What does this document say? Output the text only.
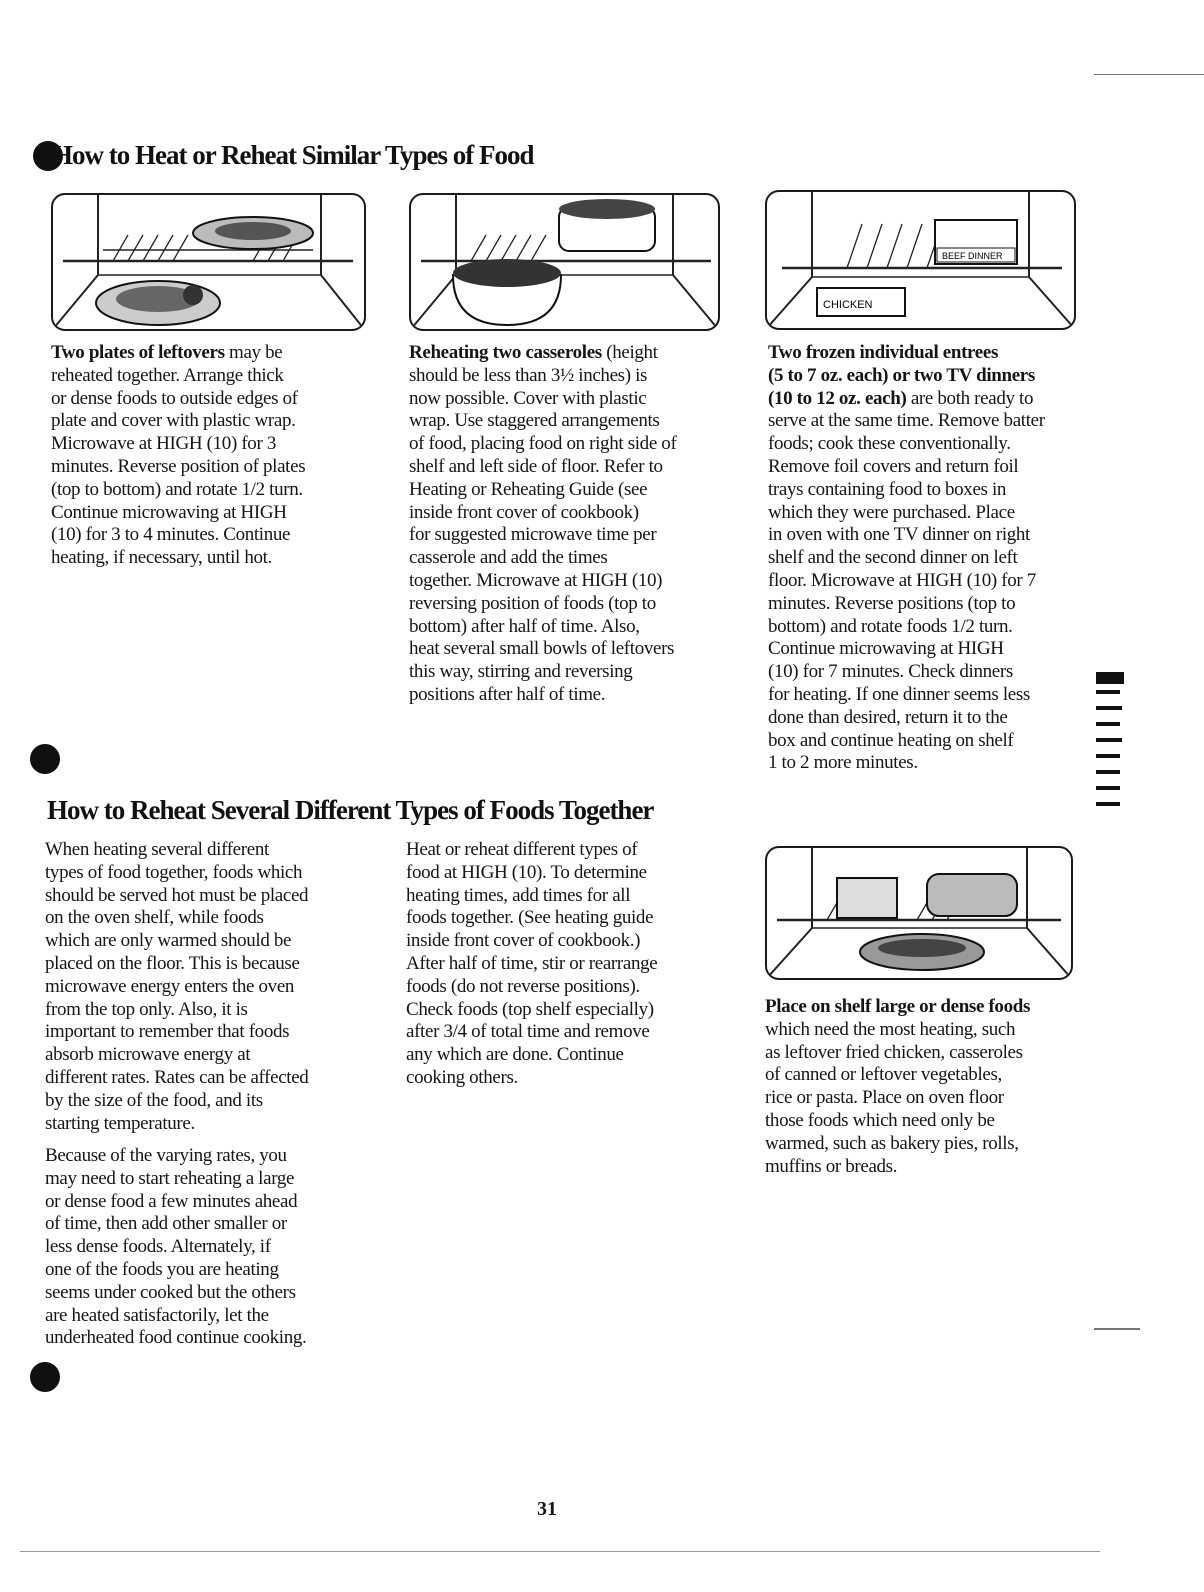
How to Heat or Reheat Similar Types of Food
BEEF DINNER
CHICKEN
Two plates of leftovers may be
reheated together. Arrange thick
or dense foods to outside edges of
plate and cover with plastic wrap.
Microwave at HIGH (10) for 3
minutes. Reverse position of plates
(top to bottom) and rotate 1/2 turn.
Continue microwaving at HIGH
(10) for 3 to 4 minutes. Continue
heating, if necessary, until hot.
Reheating two casseroles (height
should be less than 3½ inches) is
now possible. Cover with plastic
wrap. Use staggered arrangements
of food, placing food on right side of
shelf and left side of floor. Refer to
Heating or Reheating Guide (see
inside front cover of cookbook)
for suggested microwave time per
casserole and add the times
together. Microwave at HIGH (10)
reversing position of foods (top to
bottom) after half of time. Also,
heat several small bowls of leftovers
this way, stirring and reversing
positions after half of time.
Two frozen individual entrees
(5 to 7 oz. each) or two TV dinners
(10 to 12 oz. each) are both ready to
serve at the same time. Remove batter
foods; cook these conventionally.
Remove foil covers and return foil
trays containing food to boxes in
which they were purchased. Place
in oven with one TV dinner on right
shelf and the second dinner on left
floor. Microwave at HIGH (10) for 7
minutes. Reverse positions (top to
bottom) and rotate foods 1/2 turn.
Continue microwaving at HIGH
(10) for 7 minutes. Check dinners
for heating. If one dinner seems less
done than desired, return it to the
box and continue heating on shelf
1 to 2 more minutes.
How to Reheat Several Different Types of Foods Together
When heating several different
types of food together, foods which
should be served hot must be placed
on the oven shelf, while foods
which are only warmed should be
placed on the floor. This is because
microwave energy enters the oven
from the top only. Also, it is
important to remember that foods
absorb microwave energy at
different rates. Rates can be affected
by the size of the food, and its
starting temperature.
Because of the varying rates, you
may need to start reheating a large
or dense food a few minutes ahead
of time, then add other smaller or
less dense foods. Alternately, if
one of the foods you are heating
seems under cooked but the others
are heated satisfactorily, let the
underheated food continue cooking.
Heat or reheat different types of
food at HIGH (10). To determine
heating times, add times for all
foods together. (See heating guide
inside front cover of cookbook.)
After half of time, stir or rearrange
foods (do not reverse positions).
Check foods (top shelf especially)
after 3/4 of total time and remove
any which are done. Continue
cooking others.
Place on shelf large or dense foods
which need the most heating, such
as leftover fried chicken, casseroles
of canned or leftover vegetables,
rice or pasta. Place on oven floor
those foods which need only be
warmed, such as bakery pies, rolls,
muffins or breads.
31
